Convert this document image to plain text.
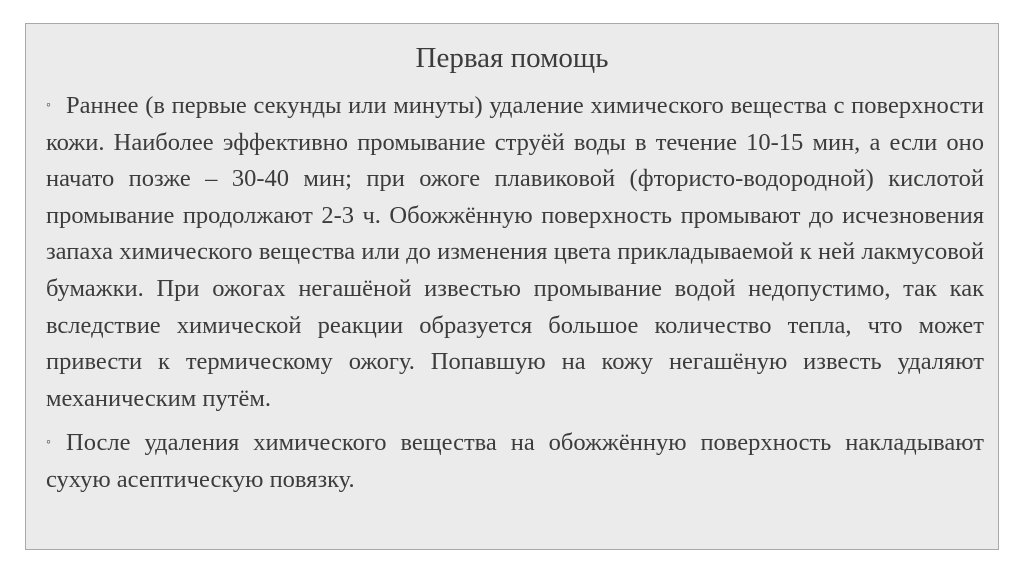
Первая помощь

◦ Раннее (в первые секунды или минуты) удаление химического вещества с поверхности кожи. Наиболее эффективно промывание струёй воды в течение 10-15 мин, а если оно начато позже – 30-40 мин; при ожоге плавиковой (фтористо-водородной) кислотой промывание продолжают 2-3 ч. Обожжённую поверхность промывают до исчезновения запаха химического вещества или до изменения цвета прикладываемой к ней лакмусовой бумажки. При ожогах негашёной известью промывание водой недопустимо, так как вследствие химической реакции образуется большое количество тепла, что может привести к термическому ожогу. Попавшую на кожу негашёную известь удаляют механическим путём.

◦ После удаления химического вещества на обожжённую поверхность накладывают сухую асептическую повязку.
